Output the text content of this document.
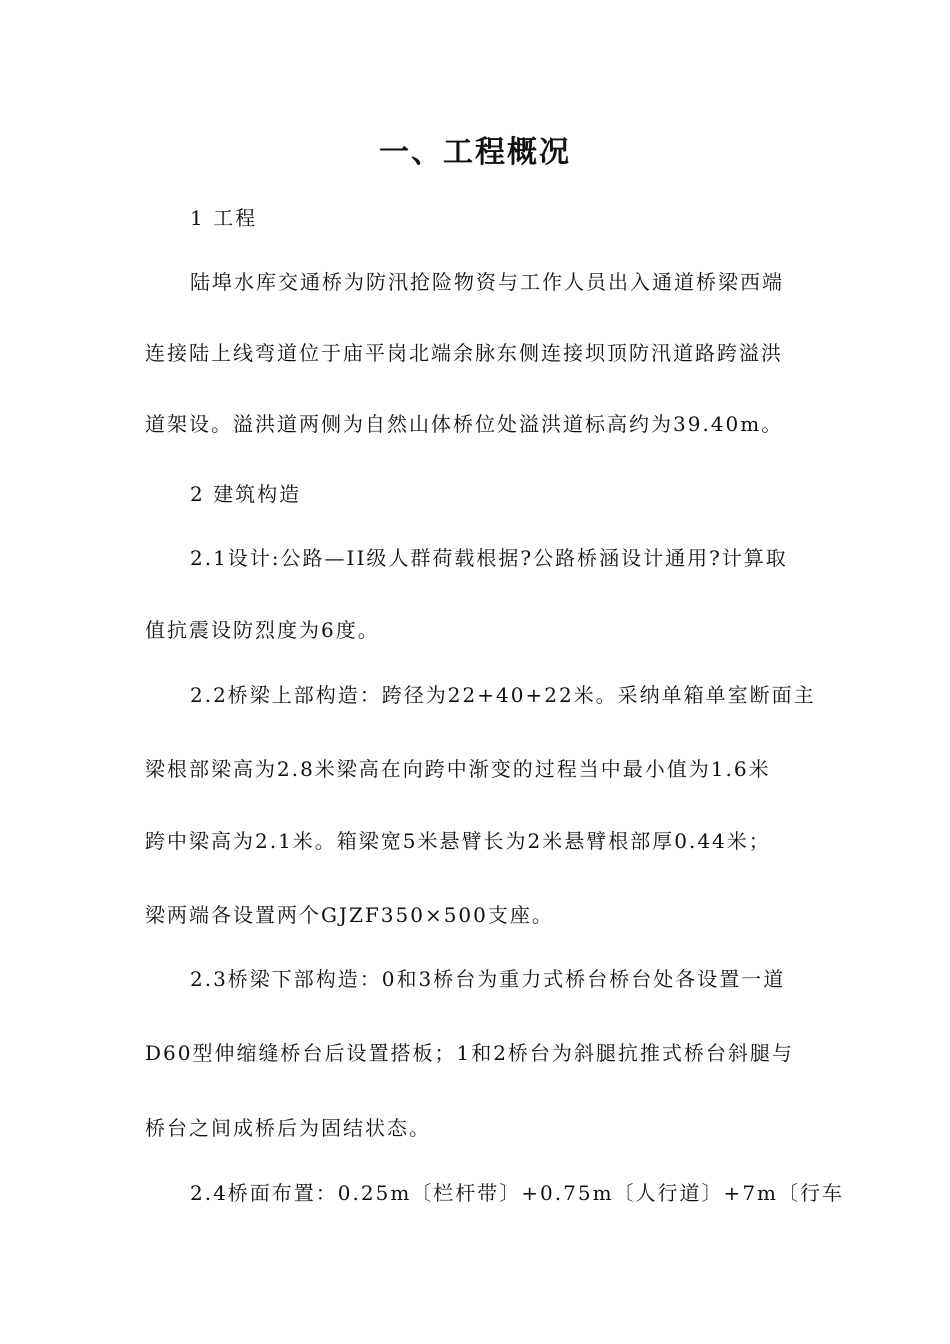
一、工程概况
1 工程
陆埠水库交通桥为防汛抢险物资与工作人员出入通道桥梁西端
连接陆上线弯道位于庙平岗北端余脉东侧连接坝顶防汛道路跨溢洪
道架设。溢洪道两侧为自然山体桥位处溢洪道标高约为39.40m。
2 建筑构造
2.1设计:公路—II级人群荷载根据?公路桥涵设计通用?计算取
值抗震设防烈度为6度。
2.2桥梁上部构造：跨径为22+40+22米。采纳单箱单室断面主
梁根部梁高为2.8米梁高在向跨中渐变的过程当中最小值为1.6米
跨中梁高为2.1米。箱梁宽5米悬臂长为2米悬臂根部厚0.44米；
梁两端各设置两个GJZF350×500支座。
2.3桥梁下部构造：0和3桥台为重力式桥台桥台处各设置一道
D60型伸缩缝桥台后设置搭板；1和2桥台为斜腿抗推式桥台斜腿与
桥台之间成桥后为固结状态。
2.4桥面布置：0.25m〔栏杆带〕+0.75m〔人行道〕+7m〔行车
